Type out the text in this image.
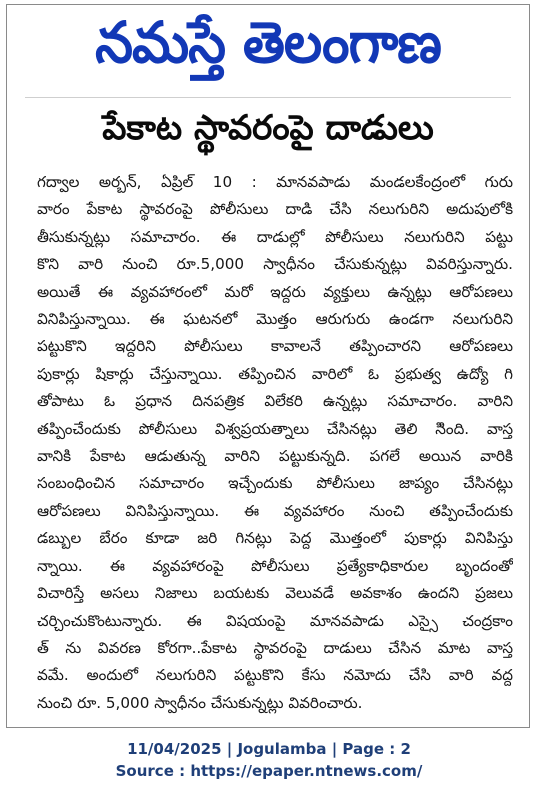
నమస్తే తెలంగాణ
పేకాట స్థావరంపై దాడులు
గద్వాల అర్బన్, ఏప్రిల్ 10 : మానవపాడు మండలకేంద్రంలో గురు
వారం పేకాట స్థావరంపై పోలీసులు దాడి చేసి నలుగురిని అదుపులోకి
తీసుకున్నట్లు సమాచారం. ఈ దాడుల్లో పోలీసులు నలుగురిని పట్టు
కొని వారి నుంచి రూ.5,000 స్వాధీనం చేసుకున్నట్లు వివరిస్తున్నారు.
అయితే ఈ వ్యవహారంలో మరో ఇద్దరు వ్యక్తులు ఉన్నట్లు ఆరోపణలు
వినిపిస్తున్నాయి. ఈ ఘటనలో మొత్తం ఆరుగురు ఉండగా నలుగురిని
పట్టుకొని ఇద్దరిని పోలీసులు కావాలనే తప్పించారని ఆరోపణలు
పుకార్లు షికార్లు చేస్తున్నాయి. తప్పించిన వారిలో ఓ ప్రభుత్వ ఉద్యో గి
తోపాటు ఓ ప్రధాన దినపత్రిక విలేకరి ఉన్నట్లు సమాచారం. వారిని
తప్పించేందుకు పోలీసులు విశ్వప్రయత్నాలు చేసినట్లు తెలి సిింది. వాస్త
వానికి పేకాట ఆడుతున్న వారిని పట్టుకున్నది. పగలే అయిన వారికి
సంబంధించిన సమాచారం ఇచ్చేందుకు పోలీసులు జాప్యం చేసినట్లు
ఆరోపణలు వినిపిస్తున్నాయి. ఈ వ్యవహారం నుంచి తప్పించేందుకు
డబ్బుల బేరం కూడా జరి గినట్లు పెద్ద మొత్తంలో పుకార్లు వినిపిస్తు
న్నాయి. ఈ వ్యవహారంపై పోలీసులు ప్రత్యేకాధికారుల బృందంతో
విచారిస్తే అసలు నిజాలు బయటకు వెలువడే అవకాశం ఉందని ప్రజలు
చర్చించుకొంటున్నారు. ఈ విషయంపై మానవపాడు ఎస్సై చంద్రకాం
త్ ను వివరణ కోరగా..పేకాట స్థావరంపై దాడులు చేసిన మాట వాస్త
వమే. అందులో నలుగురిని పట్టుకొని కేసు నమోదు చేసి వారి వద్ద
నుంచి రూ. 5,000 స్వాధీనం చేసుకున్నట్లు వివరించారు.
11/04/2025 | Jogulamba | Page : 2
Source : https://epaper.ntnews.com/
